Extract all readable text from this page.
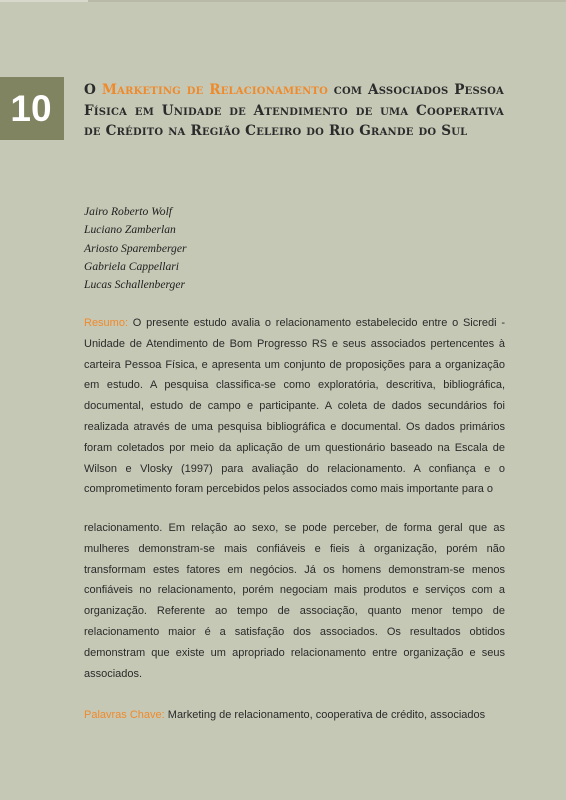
10	O Marketing de Relacionamento com Associados Pessoa Física em Unidade de Atendimento de uma Cooperativa de Crédito na Região Celeiro do Rio Grande do Sul
Jairo Roberto Wolf
Luciano Zamberlan
Ariosto Sparemberger
Gabriela Cappellari
Lucas Schallenberger
Resumo: O presente estudo avalia o relacionamento estabelecido entre o Sicredi - Unidade de Atendimento de Bom Progresso RS e seus associados pertencentes à carteira Pessoa Física, e apresenta um conjunto de proposições para a organização em estudo. A pesquisa classifica-se como exploratória, descritiva, bibliográfica, documental, estudo de campo e participante. A coleta de dados secundários foi realizada através de uma pesquisa bibliográfica e documental. Os dados primários foram coletados por meio da aplicação de um questionário baseado na Escala de Wilson e Vlosky (1997) para avaliação do relacionamento. A confiança e o comprometimento foram percebidos pelos associados como mais importante para o
relacionamento. Em relação ao sexo, se pode perceber, de forma geral que as mulheres demonstram-se mais confiáveis e fieis à organização, porém não transformam estes fatores em negócios. Já os homens demonstram-se menos confiáveis no relacionamento, porém negociam mais produtos e serviços com a organização. Referente ao tempo de associação, quanto menor tempo de relacionamento maior é a satisfação dos associados. Os resultados obtidos demonstram que existe um apropriado relacionamento entre organização e seus associados.
Palavras Chave: Marketing de relacionamento, cooperativa de crédito, associados
